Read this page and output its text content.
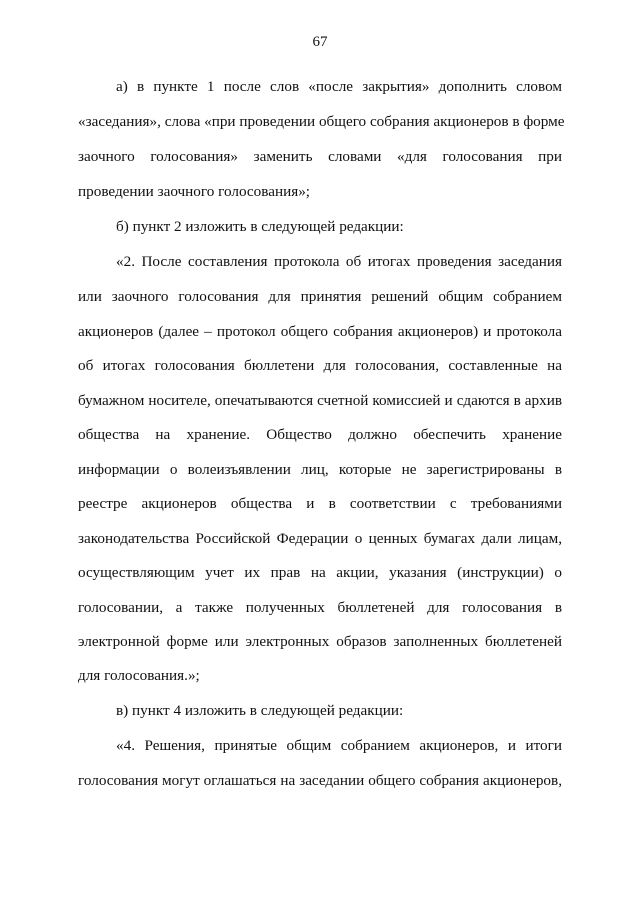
67
а) в пункте 1 после слов «после закрытия» дополнить словом
«заседания», слова «при проведении общего собрания акционеров в форме
заочного голосования» заменить словами «для голосования при
проведении заочного голосования»;
б) пункт 2 изложить в следующей редакции:
«2. После составления протокола об итогах проведения заседания
или заочного голосования для принятия решений общим собранием
акционеров (далее – протокол общего собрания акционеров) и протокола
об итогах голосования бюллетени для голосования, составленные на
бумажном носителе, опечатываются счетной комиссией и сдаются в архив
общества на хранение. Общество должно обеспечить хранение
информации о волеизъявлении лиц, которые не зарегистрированы в
реестре акционеров общества и в соответствии с требованиями
законодательства Российской Федерации о ценных бумагах дали лицам,
осуществляющим учет их прав на акции, указания (инструкции) о
голосовании, а также полученных бюллетеней для голосования в
электронной форме или электронных образов заполненных бюллетеней
для голосования.»;
в) пункт 4 изложить в следующей редакции:
«4. Решения, принятые общим собранием акционеров, и итоги
голосования могут оглашаться на заседании общего собрания акционеров,
